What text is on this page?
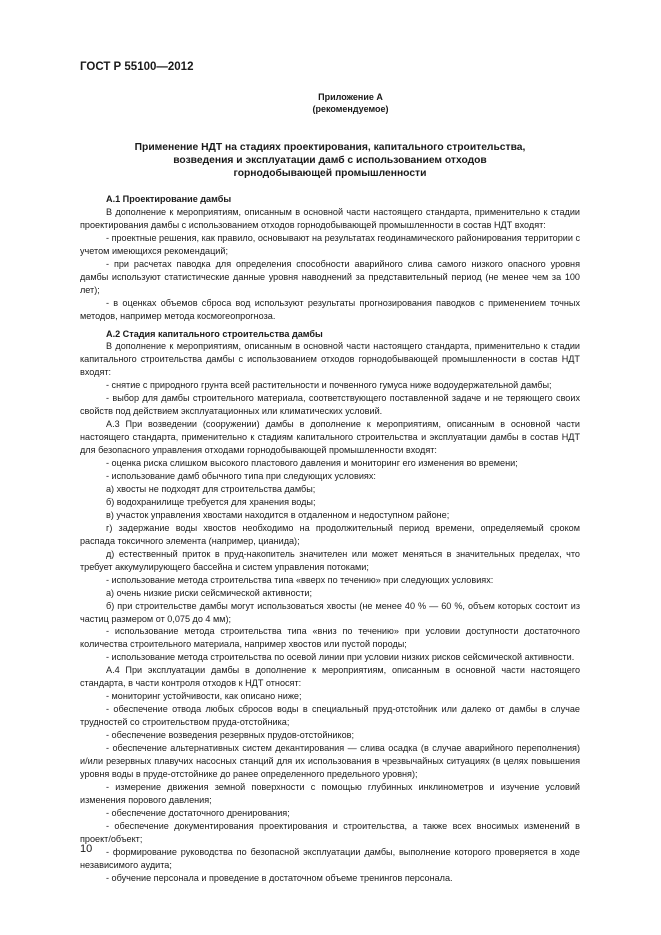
ГОСТ Р 55100—2012
Приложение А
(рекомендуемое)
Применение НДТ на стадиях проектирования, капитального строительства,
возведения и эксплуатации дамб с использованием отходов
горнодобывающей промышленности

А.1 Проектирование дамбы

В дополнение к мероприятиям, описанным в основной части настоящего стандарта, применительно к стадии проектирования дамбы с использованием отходов горнодобывающей промышленности в состав НДТ входят:

- проектные решения, как правило, основывают на результатах геодинамического районирования территории с учетом имеющихся рекомендаций;

- при расчетах паводка для определения способности аварийного слива самого низкого опасного уровня дамбы используют статистические данные уровня наводнений за представительный период (не менее чем за 100 лет);

- в оценках объемов сброса вод используют результаты прогнозирования паводков с применением точных методов, например метода космогеопрогноза.

А.2 Стадия капитального строительства дамбы

В дополнение к мероприятиям, описанным в основной части настоящего стандарта, применительно к стадии капитального строительства дамбы с использованием отходов горнодобывающей промышленности в состав НДТ входят:

- снятие с природного грунта всей растительности и почвенного гумуса ниже водоудержательной дамбы;

- выбор для дамбы строительного материала, соответствующего поставленной задаче и не теряющего своих свойств под действием эксплуатационных или климатических условий.

А.3 При возведении (сооружении) дамбы в дополнение к мероприятиям, описанным в основной части настоящего стандарта, применительно к стадиям капитального строительства и эксплуатации дамбы в состав НДТ для безопасного управления отходами горнодобывающей промышленности входят:

- оценка риска слишком высокого пластового давления и мониторинг его изменения во времени;

- использование дамб обычного типа при следующих условиях:

а) хвосты не подходят для строительства дамбы;

б) водохранилище требуется для хранения воды;

в) участок управления хвостами находится в отдаленном и недоступном районе;

г) задержание воды хвостов необходимо на продолжительный период времени, определяемый сроком распада токсичного элемента (например, цианида);

д) естественный приток в пруд-накопитель значителен или может меняться в значительных пределах, что требует аккумулирующего бассейна и систем управления потоками;

- использование метода строительства типа «вверх по течению» при следующих условиях:

а) очень низкие риски сейсмической активности;

б) при строительстве дамбы могут использоваться хвосты (не менее 40 % — 60 %, объем которых состоит из частиц размером от 0,075 до 4 мм);

- использование метода строительства типа «вниз по течению» при условии доступности достаточного количества строительного материала, например хвостов или пустой породы;

- использование метода строительства по осевой линии при условии низких рисков сейсмической активности.

А.4 При эксплуатации дамбы в дополнение к мероприятиям, описанным в основной части настоящего стандарта, в части контроля отходов к НДТ относят:

- мониторинг устойчивости, как описано ниже;

- обеспечение отвода любых сбросов воды в специальный пруд-отстойник или далеко от дамбы в случае трудностей со строительством пруда-отстойника;

- обеспечение возведения резервных прудов-отстойников;

- обеспечение альтернативных систем декантирования — слива осадка (в случае аварийного переполнения) и/или резервных плавучих насосных станций для их использования в чрезвычайных ситуациях (в целях повышения уровня воды в пруде-отстойнике до ранее определенного предельного уровня);

- измерение движения земной поверхности с помощью глубинных инклинометров и изучение условий изменения порового давления;

- обеспечение достаточного дренирования;

- обеспечение документирования проектирования и строительства, а также всех вносимых изменений в проект/объект;

- формирование руководства по безопасной эксплуатации дамбы, выполнение которого проверяется в ходе независимого аудита;

- обучение персонала и проведение в достаточном объеме тренингов персонала.

10
